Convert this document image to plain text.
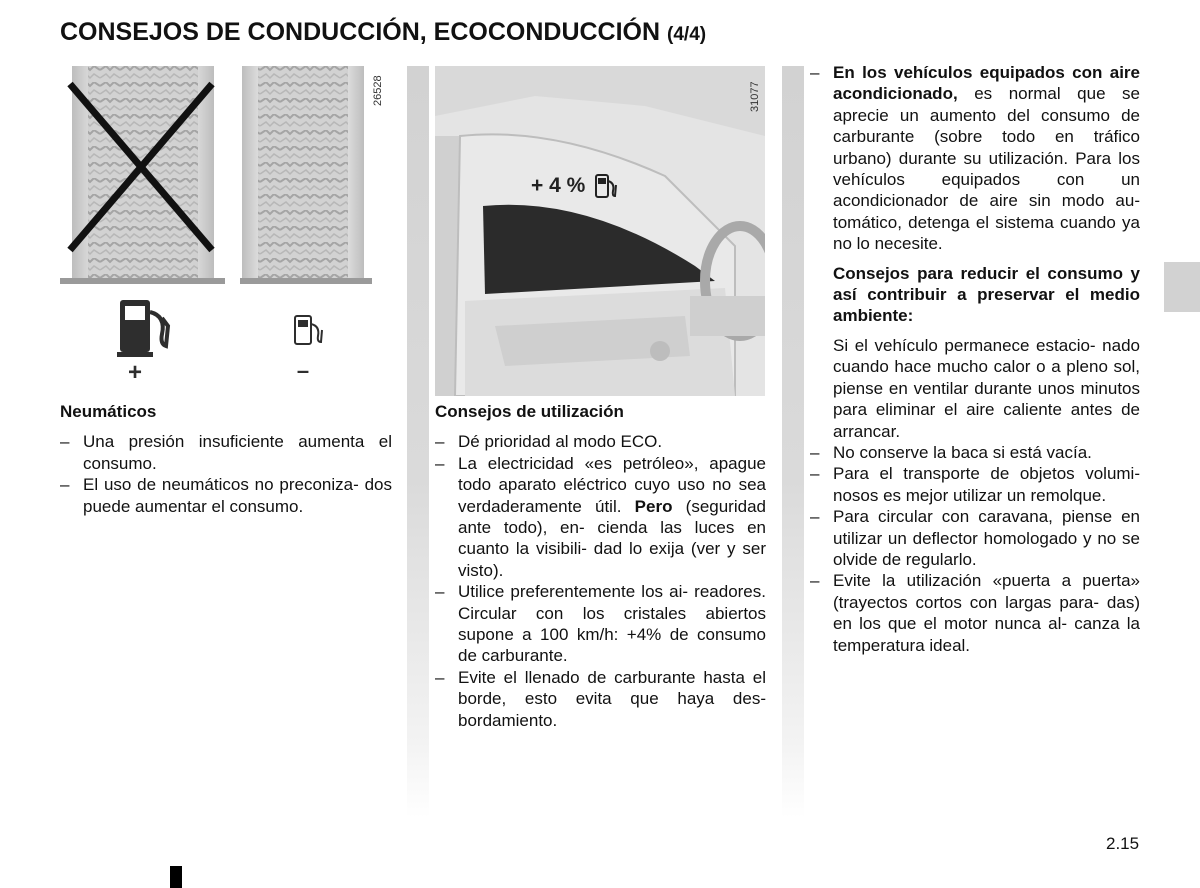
CONSEJOS DE CONDUCCIÓN, ECOCONDUCCIÓN (4/4)
+	–
26528
+ 4 %
31077

Neumáticos

– Una presión insuficiente aumenta el consumo.
– El uso de neumáticos no preconiza- dos puede aumentar el consumo.

Consejos de utilización

– Dé prioridad al modo ECO.
– La electricidad «es petróleo», apague todo aparato eléctrico cuyo uso no sea verdaderamente útil. Pero (seguridad ante todo), en- cienda las luces en cuanto la visibili- dad lo exija (ver y ser visto).
– Utilice preferentemente los ai- readores. Circular con los cristales abiertos supone a 100 km/h: +4% de consumo de carburante.
– Evite el llenado de carburante hasta el borde, esto evita que haya des- bordamiento.
– En los vehículos equipados con aire acondicionado, es normal que se aprecie un aumento del consumo de carburante (sobre todo en tráfico urbano) durante su utilización. Para los vehículos equipados con un acondicionador de aire sin modo au- tomático, detenga el sistema cuando ya no lo necesite.

Consejos para reducir el consumo y así contribuir a preservar el medio ambiente:

Si el vehículo permanece estacio- nado cuando hace mucho calor o a pleno sol, piense en ventilar durante unos minutos para eliminar el aire caliente antes de arrancar.

– No conserve la baca si está vacía.
– Para el transporte de objetos volumi- nosos es mejor utilizar un remolque.
– Para circular con caravana, piense en utilizar un deflector homologado y no se olvide de regularlo.
– Evite la utilización «puerta a puerta» (trayectos cortos con largas para- das) en los que el motor nunca al- canza la temperatura ideal.
2.15
